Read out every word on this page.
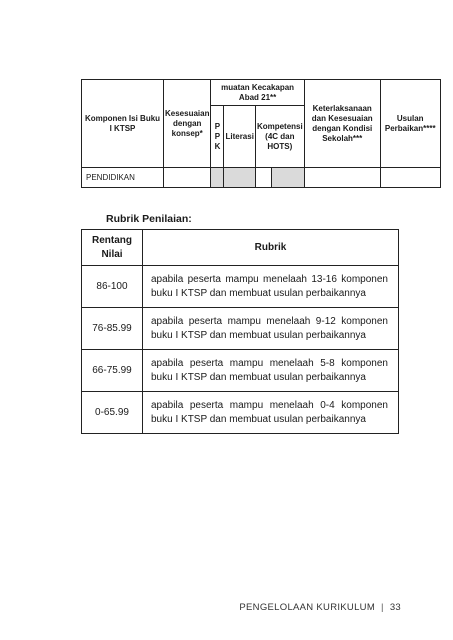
Komponen Isi Buku I KTSP	Kesesuaian dengan konsep*	muatan Kecakapan Abad 21**				Keterlaksanaan dan Kesesuaian dengan Kondisi Sekolah***	Usulan Perbaikan****
		P P K	Literasi	Kompetensi (4C dan HOTS)			
PENDIDIKAN							
Rubrik Penilaian:
Rentang Nilai	Rubrik
86-100	apabila peserta mampu menelaah 13-16 komponen buku I KTSP dan membuat usulan perbaikannya
76-85.99	apabila peserta mampu menelaah 9-12 komponen buku I KTSP dan membuat usulan perbaikannya
66-75.99	apabila peserta mampu menelaah 5-8 komponen buku I KTSP dan membuat usulan perbaikannya
0-65.99	apabila peserta mampu menelaah 0-4 komponen buku I KTSP dan membuat usulan perbaikannya
PENGELOLAAN KURIKULUM | 33
